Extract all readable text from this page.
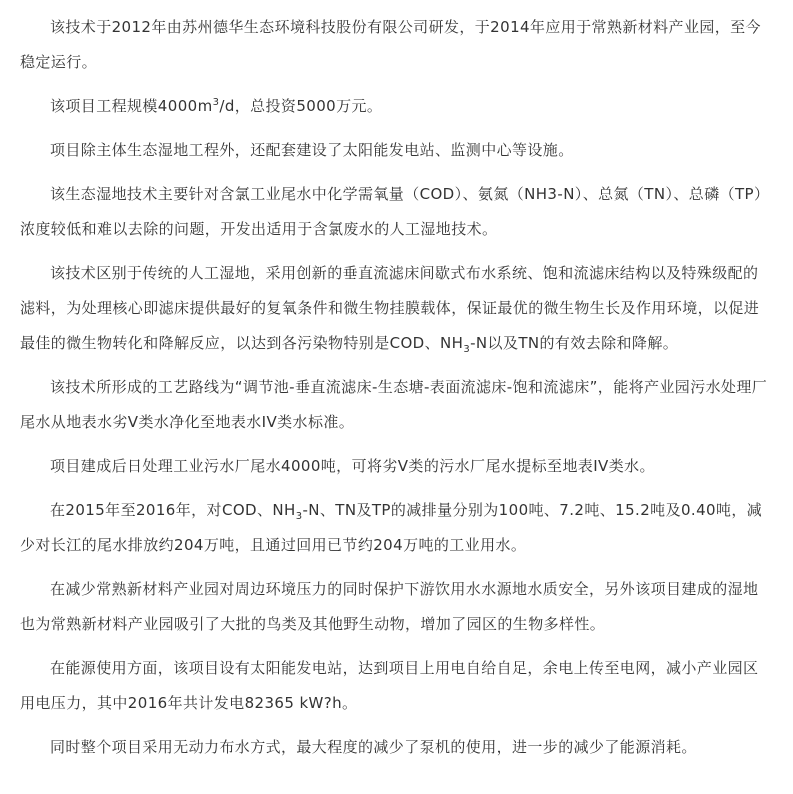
该技术于2012年由苏州德华生态环境科技股份有限公司研发，于2014年应用于常熟新材料产业园，至今稳定运行。

该项目工程规模$4000m^3/d$，总投资5000万元。

项目除主体生态湿地工程外，还配套建设了太阳能发电站、监测中心等设施。

该生态湿地技术主要针对含氯工业尾水中化学需氧量（COD）、氨氮（NH3-N）、总氮（TN）、总磷（TP）浓度较低和难以去除的问题，开发出适用于含氯废水的人工湿地技术。

该技术区别于传统的人工湿地，采用创新的垂直流滤床间歇式布水系统、饱和流滤床结构以及特殊级配的滤料，为处理核心即滤床提供最好的复氧条件和微生物挂膜载体，保证最优的微生物生长及作用环境，以促进最佳的微生物转化和降解反应，以达到各污染物特别是COD、$NH_3-N$以及TN的有效去除和降解。

该技术所形成的工艺路线为“调节池-垂直流滤床-生态塘-表面流滤床-饱和流滤床”，能将产业园污水处理厂尾水从地表水劣V类水净化至地表水IV类水标准。

项目建成后日处理工业污水厂尾水4000吨，可将劣V类的污水厂尾水提标至地表IV类水。

在2015年至2016年，对COD、$NH_3-N$、TN及TP的减排量分别为100吨、7.2吨、15.2吨及0.40吨，减少对长江的尾水排放约204万吨，且通过回用已节约204万吨的工业用水。

在减少常熟新材料产业园对周边环境压力的同时保护下游饮用水水源地水质安全，另外该项目建成的湿地也为常熟新材料产业园吸引了大批的鸟类及其他野生动物，增加了园区的生物多样性。

在能源使用方面，该项目设有太阳能发电站，达到项目上用电自给自足，余电上传至电网，减小产业园区用电压力，其中2016年共计发电82365 kW?h。

同时整个项目采用无动力布水方式，最大程度的减少了泵机的使用，进一步的减少了能源消耗。
